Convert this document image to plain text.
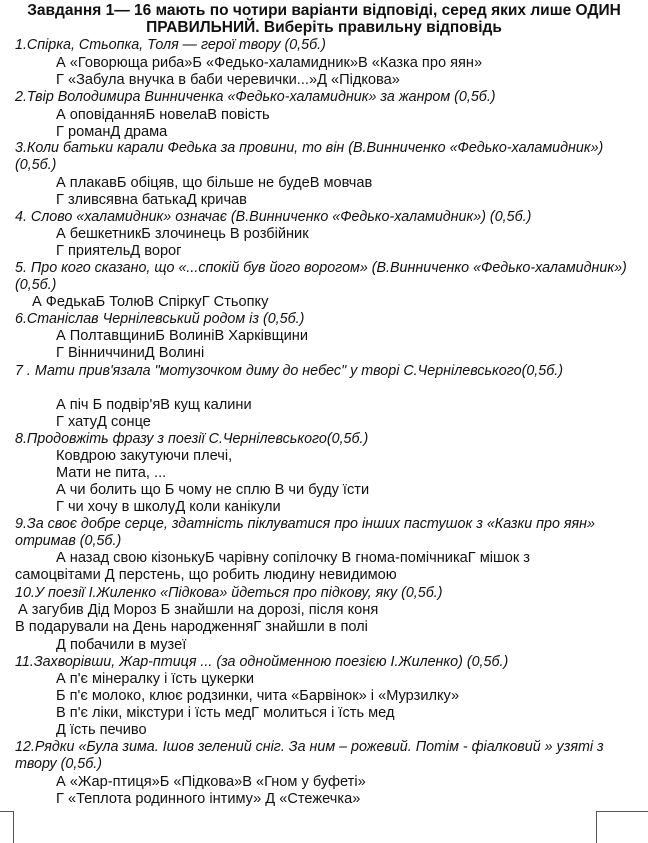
Завдання 1— 16 мають по чотири варіанти відповіді, серед яких лише ОДИН ПРАВИЛЬНИЙ. Виберіть правильну відповідь
1.Спірка, Стьопка, Толя — герої твору (0,5б.)
А «Говорюща риба»Б «Федько-халамидник»В «Казка про яян»
Г «Забула внучка в баби черевички...»Д «Підкова»
2.Твір Володимира Винниченка «Федько-халамидник» за жанром (0,5б.)
А оповіданняБ новелаВ повість
Г романД драма
3.Коли батьки карали Федька за провини, то він (В.Винниченко «Федько-халамидник») (0,5б.)
А плакавБ обіцяв, що більше не будеВ мовчав
Г зливсявна батькаД кричав
4. Слово «халамидник» означає (В.Винниченко «Федько-халамидник») (0,5б.)
А бешкетникБ злочинець В розбійник
Г приятельД ворог
5. Про кого сказано, що «...спокій був його ворогом» (В.Винниченко «Федько-халамидник») (0,5б.)
А ФедькаБ ТолюВ СпіркуГ Стьопку
6.Станіслав Чернілевський родом із (0,5б.)
А ПолтавщиниБ ВолиніВ Харківщини
Г ВінниччиниД Волині
7 . Мати прив'язала "мотузочком диму до небес" у творі С.Чернілевського(0,5б.)
А піч Б подвір'яВ кущ калини
Г хатуД сонце
8.Продовжіть фразу з поезії С.Чернілевського(0,5б.)
Ковдрою закутуючи плечі,
Мати не пита, ...
А чи болить що Б чому не сплю В чи буду їсти
Г чи хочу в школуД коли канікули
9.За своє добре серце, здатність піклуватися про інших пастушок з «Казки про яян» отримав (0,5б.)
А назад свою кізонькуБ чарівну сопілочку В гнома-помічникаГ мішок з
самоцвітами Д перстень, що робить людину невидимою
10.У поезії І.Жиленко «Підкова» йдеться про підкову, яку (0,5б.)
А загубив Дід Мороз Б знайшли на дорозі, після коня
В подарували на День народженняГ знайшли в полі
Д побачили в музеї
11.Захворівши, Жар-птиця ... (за однойменною поезією І.Жиленко) (0,5б.)
А п'є мінералку і їсть цукерки
Б п'є молоко, клює родзинки, чита «Барвінок» і «Мурзилку»
В п'є ліки, мікстури і їсть медГ молиться і їсть мед
Д їсть печиво
12.Рядки «Була зима. Ішов зелений сніг. За ним – рожевий. Потім - фіалковий » узяті з твору (0,5б.)
А «Жар-птиця»Б «Підкова»В «Гном у буфеті»
Г «Теплота родинного інтиму» Д «Стежечка»
